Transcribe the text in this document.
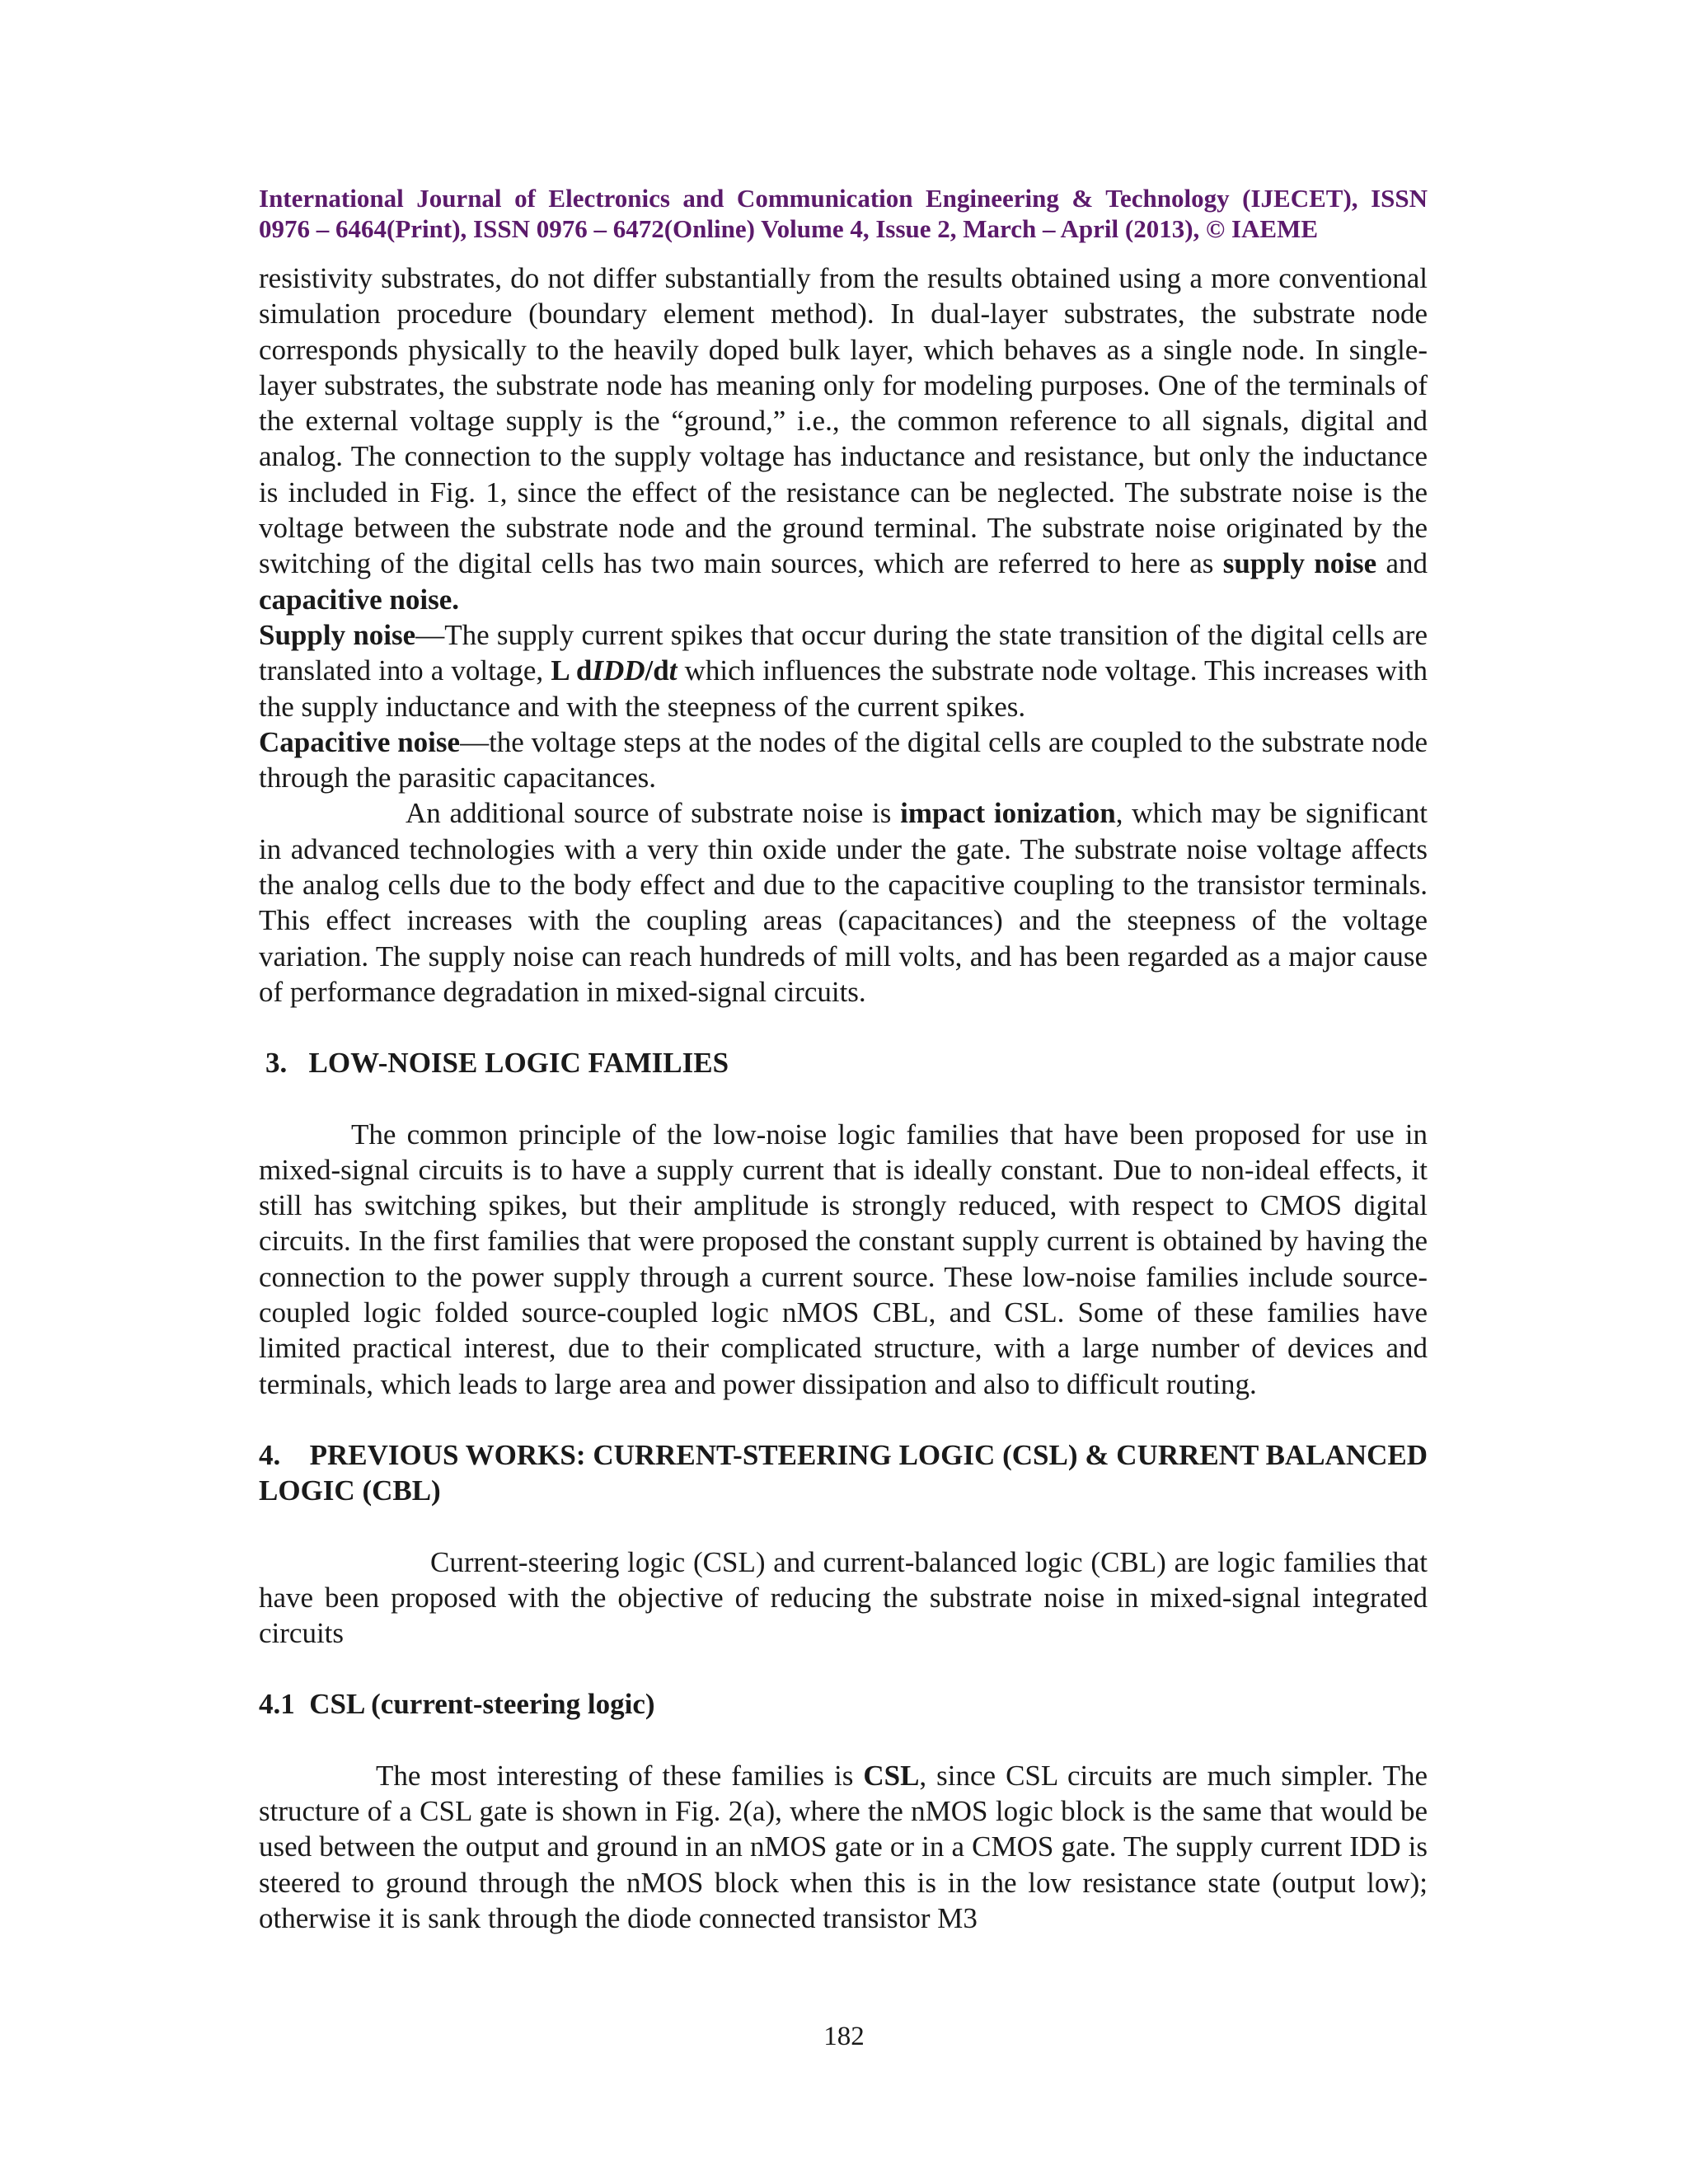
International Journal of Electronics and Communication Engineering & Technology (IJECET), ISSN
0976 – 6464(Print), ISSN 0976 – 6472(Online) Volume 4, Issue 2, March – April (2013), © IAEME

resistivity substrates, do not differ substantially from the results obtained using a more conventional simulation procedure (boundary element method). In dual-layer substrates, the substrate node corresponds physically to the heavily doped bulk layer, which behaves as a single node. In single-layer substrates, the substrate node has meaning only for modeling purposes. One of the terminals of the external voltage supply is the “ground,” i.e., the common reference to all signals, digital and analog. The connection to the supply voltage has inductance and resistance, but only the inductance is included in Fig. 1, since the effect of the resistance can be neglected. The substrate noise is the voltage between the substrate node and the ground terminal. The substrate noise originated by the switching of the digital cells has two main sources, which are referred to here as supply noise and capacitive noise.

Supply noise—The supply current spikes that occur during the state transition of the digital cells are translated into a voltage, L dIDD/dt which influences the substrate node voltage. This increases with the supply inductance and with the steepness of the current spikes.

Capacitive noise—the voltage steps at the nodes of the digital cells are coupled to the substrate node through the parasitic capacitances.

An additional source of substrate noise is impact ionization, which may be significant in advanced technologies with a very thin oxide under the gate. The substrate noise voltage affects the analog cells due to the body effect and due to the capacitive coupling to the transistor terminals. This effect increases with the coupling areas (capacitances) and the steepness of the voltage variation. The supply noise can reach hundreds of mill volts, and has been regarded as a major cause of performance degradation in mixed-signal circuits.

3.   LOW-NOISE LOGIC FAMILIES

The common principle of the low-noise logic families that have been proposed for use in mixed-signal circuits is to have a supply current that is ideally constant. Due to non-ideal effects, it still has switching spikes, but their amplitude is strongly reduced, with respect to CMOS digital circuits. In the first families that were proposed the constant supply current is obtained by having the connection to the power supply through a current source. These low-noise families include source-coupled logic folded source-coupled logic nMOS CBL, and CSL. Some of these families have limited practical interest, due to their complicated structure, with a large number of devices and terminals, which leads to large area and power dissipation and also to difficult routing.

4.    PREVIOUS WORKS: CURRENT-STEERING LOGIC (CSL) & CURRENT BALANCED LOGIC (CBL)

Current-steering logic (CSL) and current-balanced logic (CBL) are logic families that have been proposed with the objective of reducing the substrate noise in mixed-signal integrated circuits

4.1  CSL (current-steering logic)

The most interesting of these families is CSL, since CSL circuits are much simpler. The structure of a CSL gate is shown in Fig. 2(a), where the nMOS logic block is the same that would be used between the output and ground in an nMOS gate or in a CMOS gate. The supply current IDD is steered to ground through the nMOS block when this is in the low resistance state (output low); otherwise it is sank through the diode connected transistor M3

182
